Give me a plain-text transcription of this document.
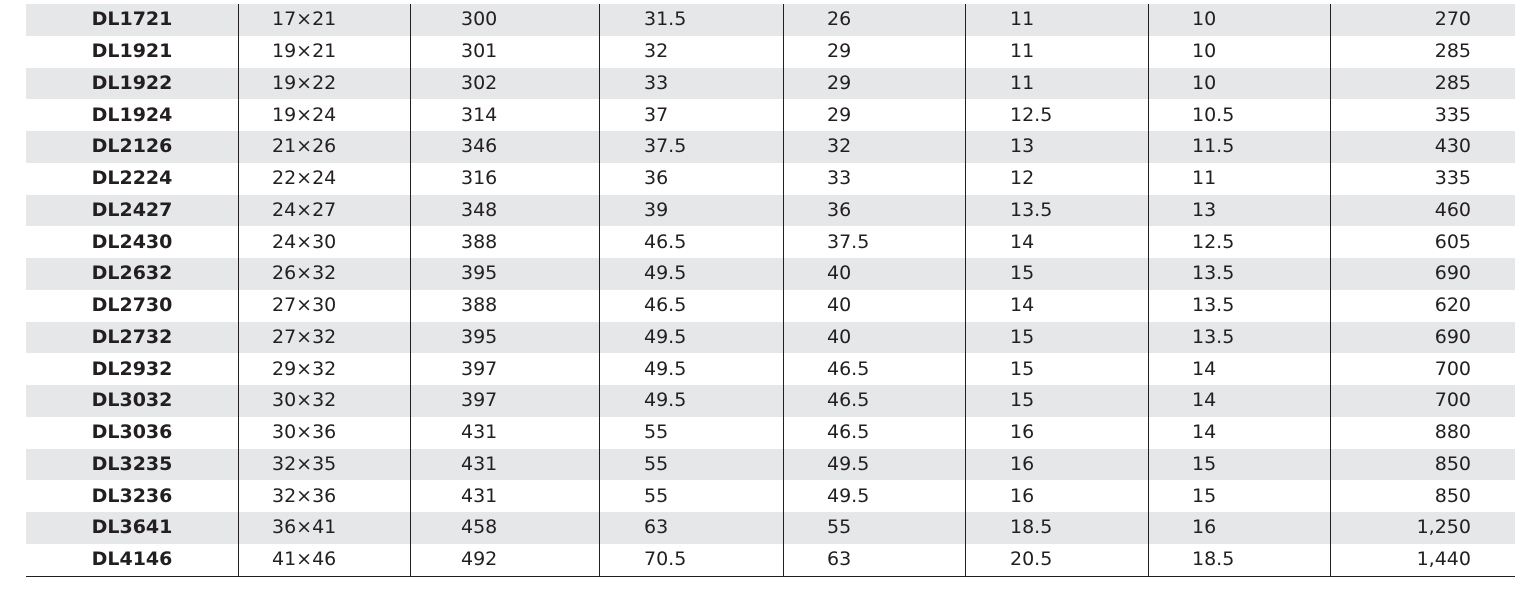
DL1721	17×21	300	31.5	26	11	10	270
DL1921	19×21	301	32	29	11	10	285
DL1922	19×22	302	33	29	11	10	285
DL1924	19×24	314	37	29	12.5	10.5	335
DL2126	21×26	346	37.5	32	13	11.5	430
DL2224	22×24	316	36	33	12	11	335
DL2427	24×27	348	39	36	13.5	13	460
DL2430	24×30	388	46.5	37.5	14	12.5	605
DL2632	26×32	395	49.5	40	15	13.5	690
DL2730	27×30	388	46.5	40	14	13.5	620
DL2732	27×32	395	49.5	40	15	13.5	690
DL2932	29×32	397	49.5	46.5	15	14	700
DL3032	30×32	397	49.5	46.5	15	14	700
DL3036	30×36	431	55	46.5	16	14	880
DL3235	32×35	431	55	49.5	16	15	850
DL3236	32×36	431	55	49.5	16	15	850
DL3641	36×41	458	63	55	18.5	16	1,250
DL4146	41×46	492	70.5	63	20.5	18.5	1,440
